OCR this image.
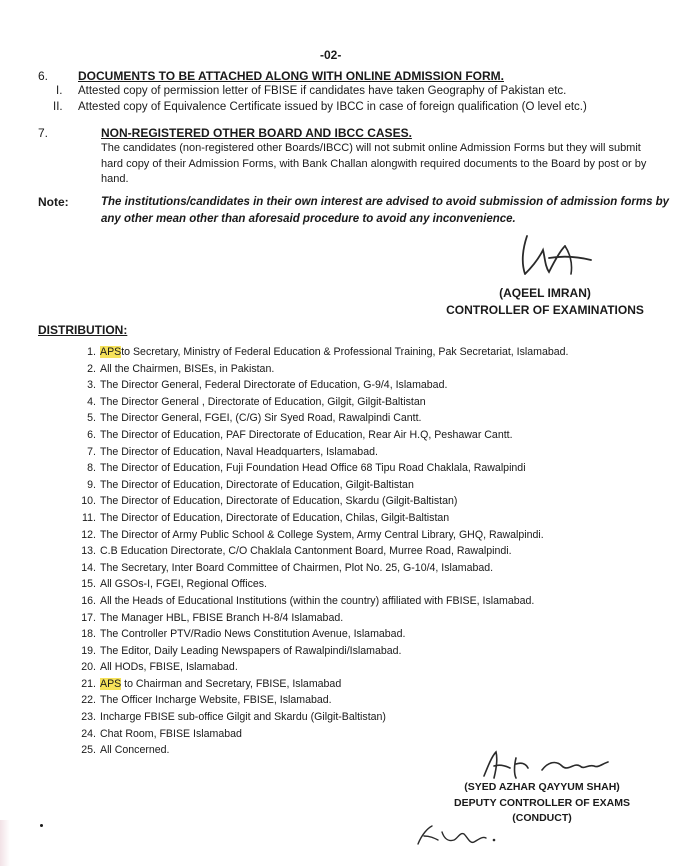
-02-
6. DOCUMENTS TO BE ATTACHED ALONG WITH ONLINE ADMISSION FORM.
I. Attested copy of permission letter of FBISE if candidates have taken Geography of Pakistan etc.
II. Attested copy of Equivalence Certificate issued by IBCC in case of foreign qualification (O level etc.)
7.	NON-REGISTERED OTHER BOARD AND IBCC CASES.
The candidates (non-registered other Boards/IBCC) will not submit online Admission Forms but they will submit
hard copy of their Admission Forms, with Bank Challan alongwith required documents to the Board by post or by
hand.
Note:	The institutions/candidates in their own interest are advised to avoid submission of admission forms by
any other mean other than aforesaid procedure to avoid any inconvenience.
(AQEEL IMRAN)
CONTROLLER OF EXAMINATIONS
DISTRIBUTION:
1. APSto Secretary, Ministry of Federal Education & Professional Training, Pak Secretariat, Islamabad.
2. All the Chairmen, BISEs, in Pakistan.
3. The Director General, Federal Directorate of Education, G-9/4, Islamabad.
4. The Director General , Directorate of Education, Gilgit, Gilgit-Baltistan
5. The Director General, FGEI, (C/G) Sir Syed Road, Rawalpindi Cantt.
6. The Director of Education, PAF Directorate of Education, Rear Air H.Q, Peshawar Cantt.
7. The Director of Education, Naval Headquarters, Islamabad.
8. The Director of Education, Fuji Foundation Head Office 68 Tipu Road Chaklala, Rawalpindi
9. The Director of Education, Directorate of Education, Gilgit-Baltistan
10. The Director of Education, Directorate of Education, Skardu (Gilgit-Baltistan)
11. The Director of Education, Directorate of Education, Chilas, Gilgit-Baltistan
12. The Director of Army Public School & College System, Army Central Library, GHQ, Rawalpindi.
13. C.B Education Directorate, C/O Chaklala Cantonment Board, Murree Road, Rawalpindi.
14. The Secretary, Inter Board Committee of Chairmen, Plot No. 25, G-10/4, Islamabad.
15. All GSOs-I, FGEI, Regional Offices.
16. All the Heads of Educational Institutions (within the country) affiliated with FBISE, Islamabad.
17. The Manager HBL, FBISE Branch H-8/4 Islamabad.
18. The Controller PTV/Radio News Constitution Avenue, Islamabad.
19. The Editor, Daily Leading Newspapers of Rawalpindi/Islamabad.
20. All HODs, FBISE, Islamabad.
21. APS to Chairman and Secretary, FBISE, Islamabad
22. The Officer Incharge Website, FBISE, Islamabad.
23. Incharge FBISE sub-office Gilgit and Skardu (Gilgit-Baltistan)
24. Chat Room, FBISE Islamabad
25. All Concerned.
(SYED AZHAR QAYYUM SHAH)
DEPUTY CONTROLLER OF EXAMS
(CONDUCT)
